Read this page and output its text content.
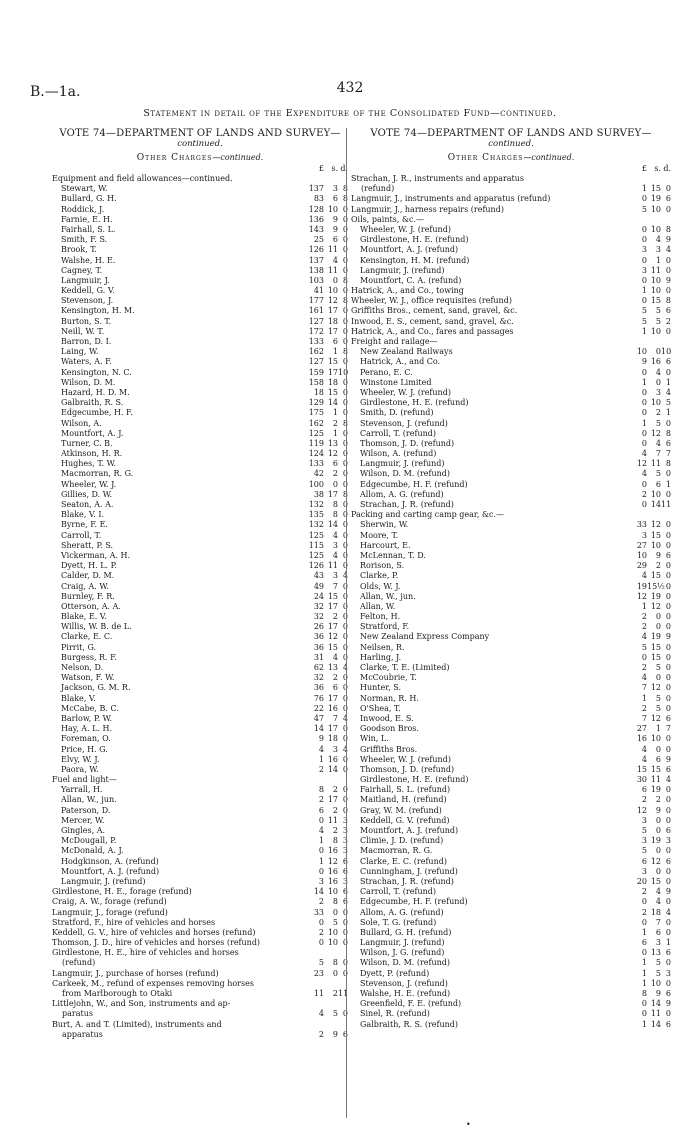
B.—1a.	432
Statement in detail of the Expenditure of the Consolidated Fund—continued.
VOTE 74—DEPARTMENT OF LANDS AND SURVEY—
continued.
Other Charges—continued.
£ s. d.
Equipment and field allowances—continued.
Stewart, W.	137	3 8
Bullard, G. H.	83	6 8
Roddick, J.	128 10 0
Farnie, E. H.	136	9 0
Fairhall, S. L.	143	9 0
Smith, F. S.	25	6 0
Brook, T.	126 11 0
Walshe, H. E.	137	4 0
Cagney, T.	138 11 0
Langmuir, J.	103	0 8
Keddell, G. V.	41 10 0
Stevenson, J.	177 12 8
Kensington, H. M.	161 17 0
Burton, S. T.	127 18 0
Neill, W. T.	172 17 0
Barron, D. I.	133	6 0
Laing, W.	162	1 8
Waters, A. F.	127 15 0
Kensington, N. C.	159 17 10
Wilson, D. M.	158 18 0
Hazard, H. D. M.	18 15 0
Galbraith, R. S.	129 14 0
Edgecumbe, H. F.	175	1 0
Wilson, A.	162	2 8
Mountfort, A. J.	125	1 0
Turner, C. B.	119 13 0
Atkinson, H. R.	124 12 0
Hughes, T. W.	133	6 0
Macmorran, R. G.	42	2 0
Wheeler, W. J.	100	0 0
Gillies, D. W.	38 17 8
Seaton, A. A.	132	8 0
Blake, V. I.	135	8 0
Byrne, F. E.	132 14 0
Carroll, T.	125	4 0
Sheratt, P. S.	115	3 0
Vickerman, A. H.	125	4 0
Dyett, H. L. P.	126 11 0
Calder, D. M.	43	3 4
Craig, A. W.	49	7 0
Burnley, F. R.	24 15 0
Otterson, A. A.	32 17 0
Blake, E. V.	32	2 0
Willis, W. B. de L.	26 17 0
Clarke, E. C.	36 12 0
Pirrit, G.	36 15 0
Burgess, R. F.	31	4 0
Nelson, D.	62 13 4
Watson, F. W.	32	2 0
Jackson, G. M. R.	36	6 0
Blake, V.	76 17 0
McCabe, B. C.	22 16 0
Barlow, P. W.	47	7 4
Hay, A. L. H.	14 17 0
Foreman, O.	9 18 0
Price, H. G.	4	3 4
Elvy, W. J.	1 16 0
Paora, W.	2 14 0
Fuel and light—
Yarrall, H.	8	2 0
Allan, W., jun.	2 17 0
Paterson, D.	6	2 0
Mercer, W.	0 11 3
Gingles, A.	4	2 3
McDougall, P.	1	8 3
McDonald, A. J.	0 16 3
Hodgkinson, A. (refund)	1 12 6
Mountfort, A. J. (refund)	0 16 6
Langmuir, J. (refund)	3 16 3
Girdlestone, H. E., forage (refund)	14 10 6
Craig, A. W., forage (refund)	2	8 6
Langmuir, J., forage (refund)	33	0 0
Stratford, F., hire of vehicles and horses	0	5 0
Keddell, G. V., hire of vehicles and horses (refund)	2 10 0
Thomson, J. D., hire of vehicles and horses (refund)	0 10 0
Girdlestone, H. E., hire of vehicles and horses
(refund)	5	8 0
Langmuir, J., purchase of horses (refund)	23	0 0
Carkeek, M., refund of expenses removing horses
from Marlborough to Otaki	11	2 11
Littlejohn, W., and Son, instruments and ap-
paratus	4	5 0
Burt, A. and T. (Limited), instruments and
apparatus	2	9 6
VOTE 74—DEPARTMENT OF LANDS AND SURVEY—
continued.
Other Charges—continued.
£ s. d.
Strachan, J. R., instruments and apparatus
(refund)	1 15 0
Langmuir, J., instruments and apparatus (refund)	0 19 6
Langmuir, J., harness repairs (refund)	5 10 0
Oils, paints, &c.—
Wheeler, W. J. (refund)	0 10 8
Girdlestone, H. E. (refund)	0	4 9
Mountfort, A. J. (refund)	3	3 4
Kensington, H. M. (refund)	0	1 0
Langmuir, J. (refund)	3 11 0
Mountfort, C. A. (refund)	0 10 9
Hatrick, A., and Co., towing	1 10 0
Wheeler, W. J., office requisites (refund)	0 15 8
Griffiths Bros., cement, sand, gravel, &c.	5	5 6
Inwood, E. S., cement, sand, gravel, &c.	5	5 2
Hatrick, A., and Co., fares and passages	1 10 0
Freight and railage—
New Zealand Railways	10	0 10
Hatrick, A., and Co.	9 16 6
Perano, E. C.	0	4 0
Winstone Limited	1	0 1
Wheeler, W. J. (refund)	0	3 4
Girdlestone, H. E. (refund)	0 10 5
Smith, D. (refund)	0	2 1
Stevenson, J. (refund)	1	5 0
Carroll, T. (refund)	0 12 8
Thomson, J. D. (refund)	0	4 6
Wilson, A. (refund)	4	7 7
Langmuir, J. (refund)	12 11 8
Wilson, D. M. (refund)	4	5 0
Edgecumbe, H. F. (refund)	0	6 1
Allom, A. G. (refund)	2 10 0
Strachan, J. R. (refund)	0 14 11
Packing and carting camp gear, &c.—
Sherwin, W.	33 12 0
Moore, T.	3 15 0
Harcourt, E.	27 10 0
McLennan, T. D.	10	9 6
Rorison, S.	29	2 0
Clarke, P.	4 15 0
Olds, W. J.	19 15½ 0
Allan, W., jun.	12 19 0
Allan, W.	1 12 0
Felton, H.	2	0 0
Stratford, F.	2	0 0
New Zealand Express Company	4 19 9
Neilsen, R.	5 15 0
Harling, J.	0 15 0
Clarke, T. E. (Limited)	2	5 0
McCoubrie, T.	4	0 0
Hunter, S.	7 12 0
Norman, R. H.	1	5 0
O'Shea, T.	2	5 0
Inwood, E. S.	7 12 6
Goodson Bros.	27	1 7
Win, L.	16 10 0
Griffiths Bros.	4	0 0
Wheeler, W. J. (refund)	4	6 9
Thomson, J. D. (refund)	15 15 6
Girdlestone, H. E. (refund)	30 11 4
Fairhall, S. L. (refund)	6 19 0
Maitland, H. (refund)	2	2 0
Gray, W. M. (refund)	12	9 0
Keddell, G. V. (refund)	3	0 0
Mountfort, A. J. (refund)	5	0 6
Climie, J. D. (refund)	3 19 3
Macmorran, R. G.	5	0 0
Clarke, E. C. (refund)	6 12 6
Cunningham, J. (refund)	3	0 0
Strachan, J. R. (refund)	20 15 0
Carroll, T. (refund)	2	4 9
Edgecumbe, H. F. (refund)	0	4 0
Allom, A. G. (refund)	2 18 4
Sole, T. G. (refund)	0	7 0
Bullard, G. H. (refund)	1	6 0
Langmuir, J. (refund)	6	3 1
Wilson, J. G. (refund)	0 13 6
Wilson, D. M. (refund)	1	5 0
Dyett, P. (refund)	1	5 3
Stevenson, J. (refund)	1 10 0
Walshe, H. E. (refund)	8	9 6
Greenfield, F. E. (refund)	0 14 9
Sinel, R. (refund)	0 11 0
Galbraith, R. S. (refund)	1 14 6
•
